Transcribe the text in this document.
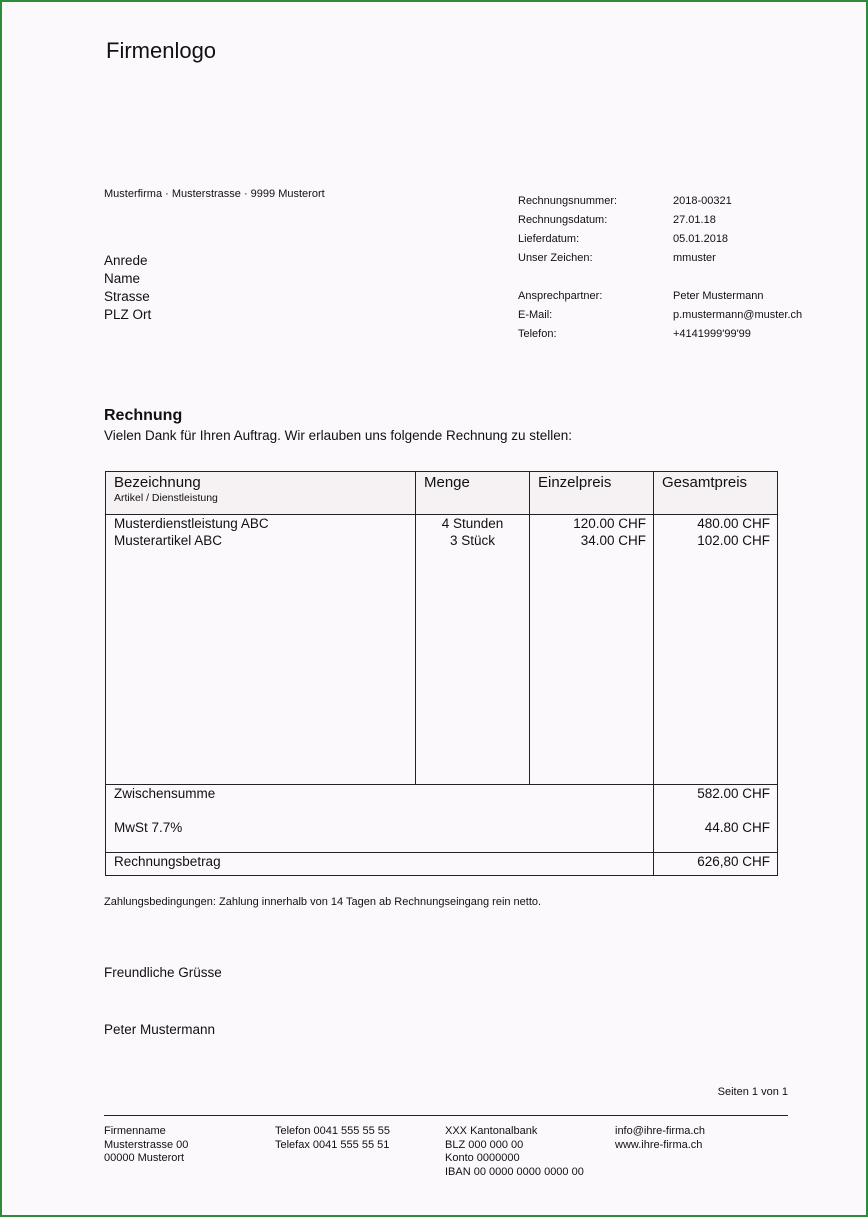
Firmenlogo
Musterfirma · Musterstrasse · 9999 Musterort
Anrede
Name
Strasse
PLZ Ort
Rechnungsnummer:	2018-00321
Rechnungsdatum:	27.01.18
Lieferdatum:	05.01.2018
Unser Zeichen:	mmuster
Ansprechpartner:	Peter Mustermann
E-Mail:	p.mustermann@muster.ch
Telefon:	+4141999'99'99
Rechnung
Vielen Dank für Ihren Auftrag. Wir erlauben uns folgende Rechnung zu stellen:
Bezeichnung
Artikel / Dienstleistung
Menge	Einzelpreis	Gesamtpreis
Musterdienstleistung ABC	4 Stunden	120.00 CHF	480.00 CHF
Musterartikel ABC	3 Stück	34.00 CHF	102.00 CHF
Zwischensumme	582.00 CHF
MwSt 7.7%	44.80 CHF
Rechnungsbetrag	626,80 CHF
Zahlungsbedingungen: Zahlung innerhalb von 14 Tagen ab Rechnungseingang rein netto.
Freundliche Grüsse
Peter Mustermann
Seiten 1 von 1
Firmenname
Musterstrasse 00
00000 Musterort
Telefon 0041 555 55 55
Telefax 0041 555 55 51
XXX Kantonalbank
BLZ 000 000 00
Konto 0000000
IBAN 00 0000 0000 0000 00
info@ihre-firma.ch
www.ihre-firma.ch
